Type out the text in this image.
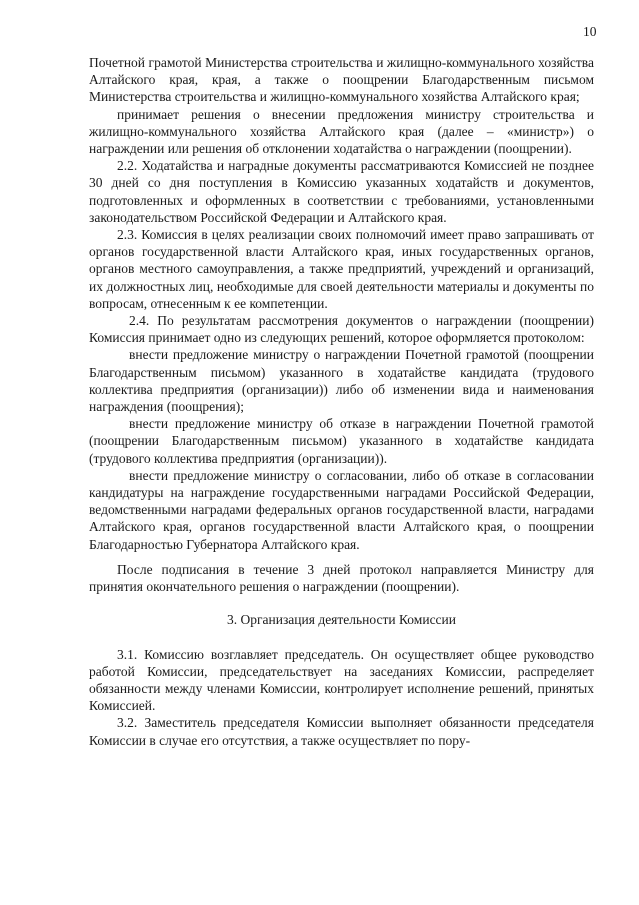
10

Почетной грамотой Министерства строительства и жилищно-коммунального хозяйства Алтайского края, края, а также о поощрении Благодарственным письмом Министерства строительства и жилищно-коммунального хозяйства Алтайского края;

принимает решения о внесении предложения министру строительства и жилищно-коммунального хозяйства Алтайского края (далее – «министр») о награждении или решения об отклонении ходатайства о награждении (поощрении).

2.2. Ходатайства и наградные документы рассматриваются Комиссией не позднее 30 дней со дня поступления в Комиссию указанных ходатайств и документов, подготовленных и оформленных в соответствии с требованиями, установленными законодательством Российской Федерации и Алтайского края.

2.3. Комиссия в целях реализации своих полномочий имеет право запрашивать от органов государственной власти Алтайского края, иных государственных органов, органов местного самоуправления, а также предприятий, учреждений и организаций, их должностных лиц, необходимые для своей деятельности материалы и документы по вопросам, отнесенным к ее компетенции.

2.4. По результатам рассмотрения документов о награждении (поощрении) Комиссия принимает одно из следующих решений, которое оформляется протоколом:

внести предложение министру о награждении Почетной грамотой (поощрении Благодарственным письмом) указанного в ходатайстве кандидата (трудового коллектива предприятия (организации)) либо об изменении вида и наименования награждения (поощрения);

внести предложение министру об отказе в награждении Почетной грамотой (поощрении Благодарственным письмом) указанного в ходатайстве кандидата (трудового коллектива предприятия (организации)).

внести предложение министру о согласовании, либо об отказе в согласовании кандидатуры на награждение государственными наградами Российской Федерации, ведомственными наградами федеральных органов государственной власти, наградами Алтайского края, органов государственной власти Алтайского края, о поощрении Благодарностью Губернатора Алтайского края.

После подписания в течение 3 дней протокол направляется Министру для принятия окончательного решения о награждении (поощрении).

3. Организация деятельности Комиссии

3.1. Комиссию возглавляет председатель. Он осуществляет общее руководство работой Комиссии, председательствует на заседаниях Комиссии, распределяет обязанности между членами Комиссии, контролирует исполнение решений, принятых Комиссией.

3.2. Заместитель председателя Комиссии выполняет обязанности председателя Комиссии в случае его отсутствия, а также осуществляет по пору-
